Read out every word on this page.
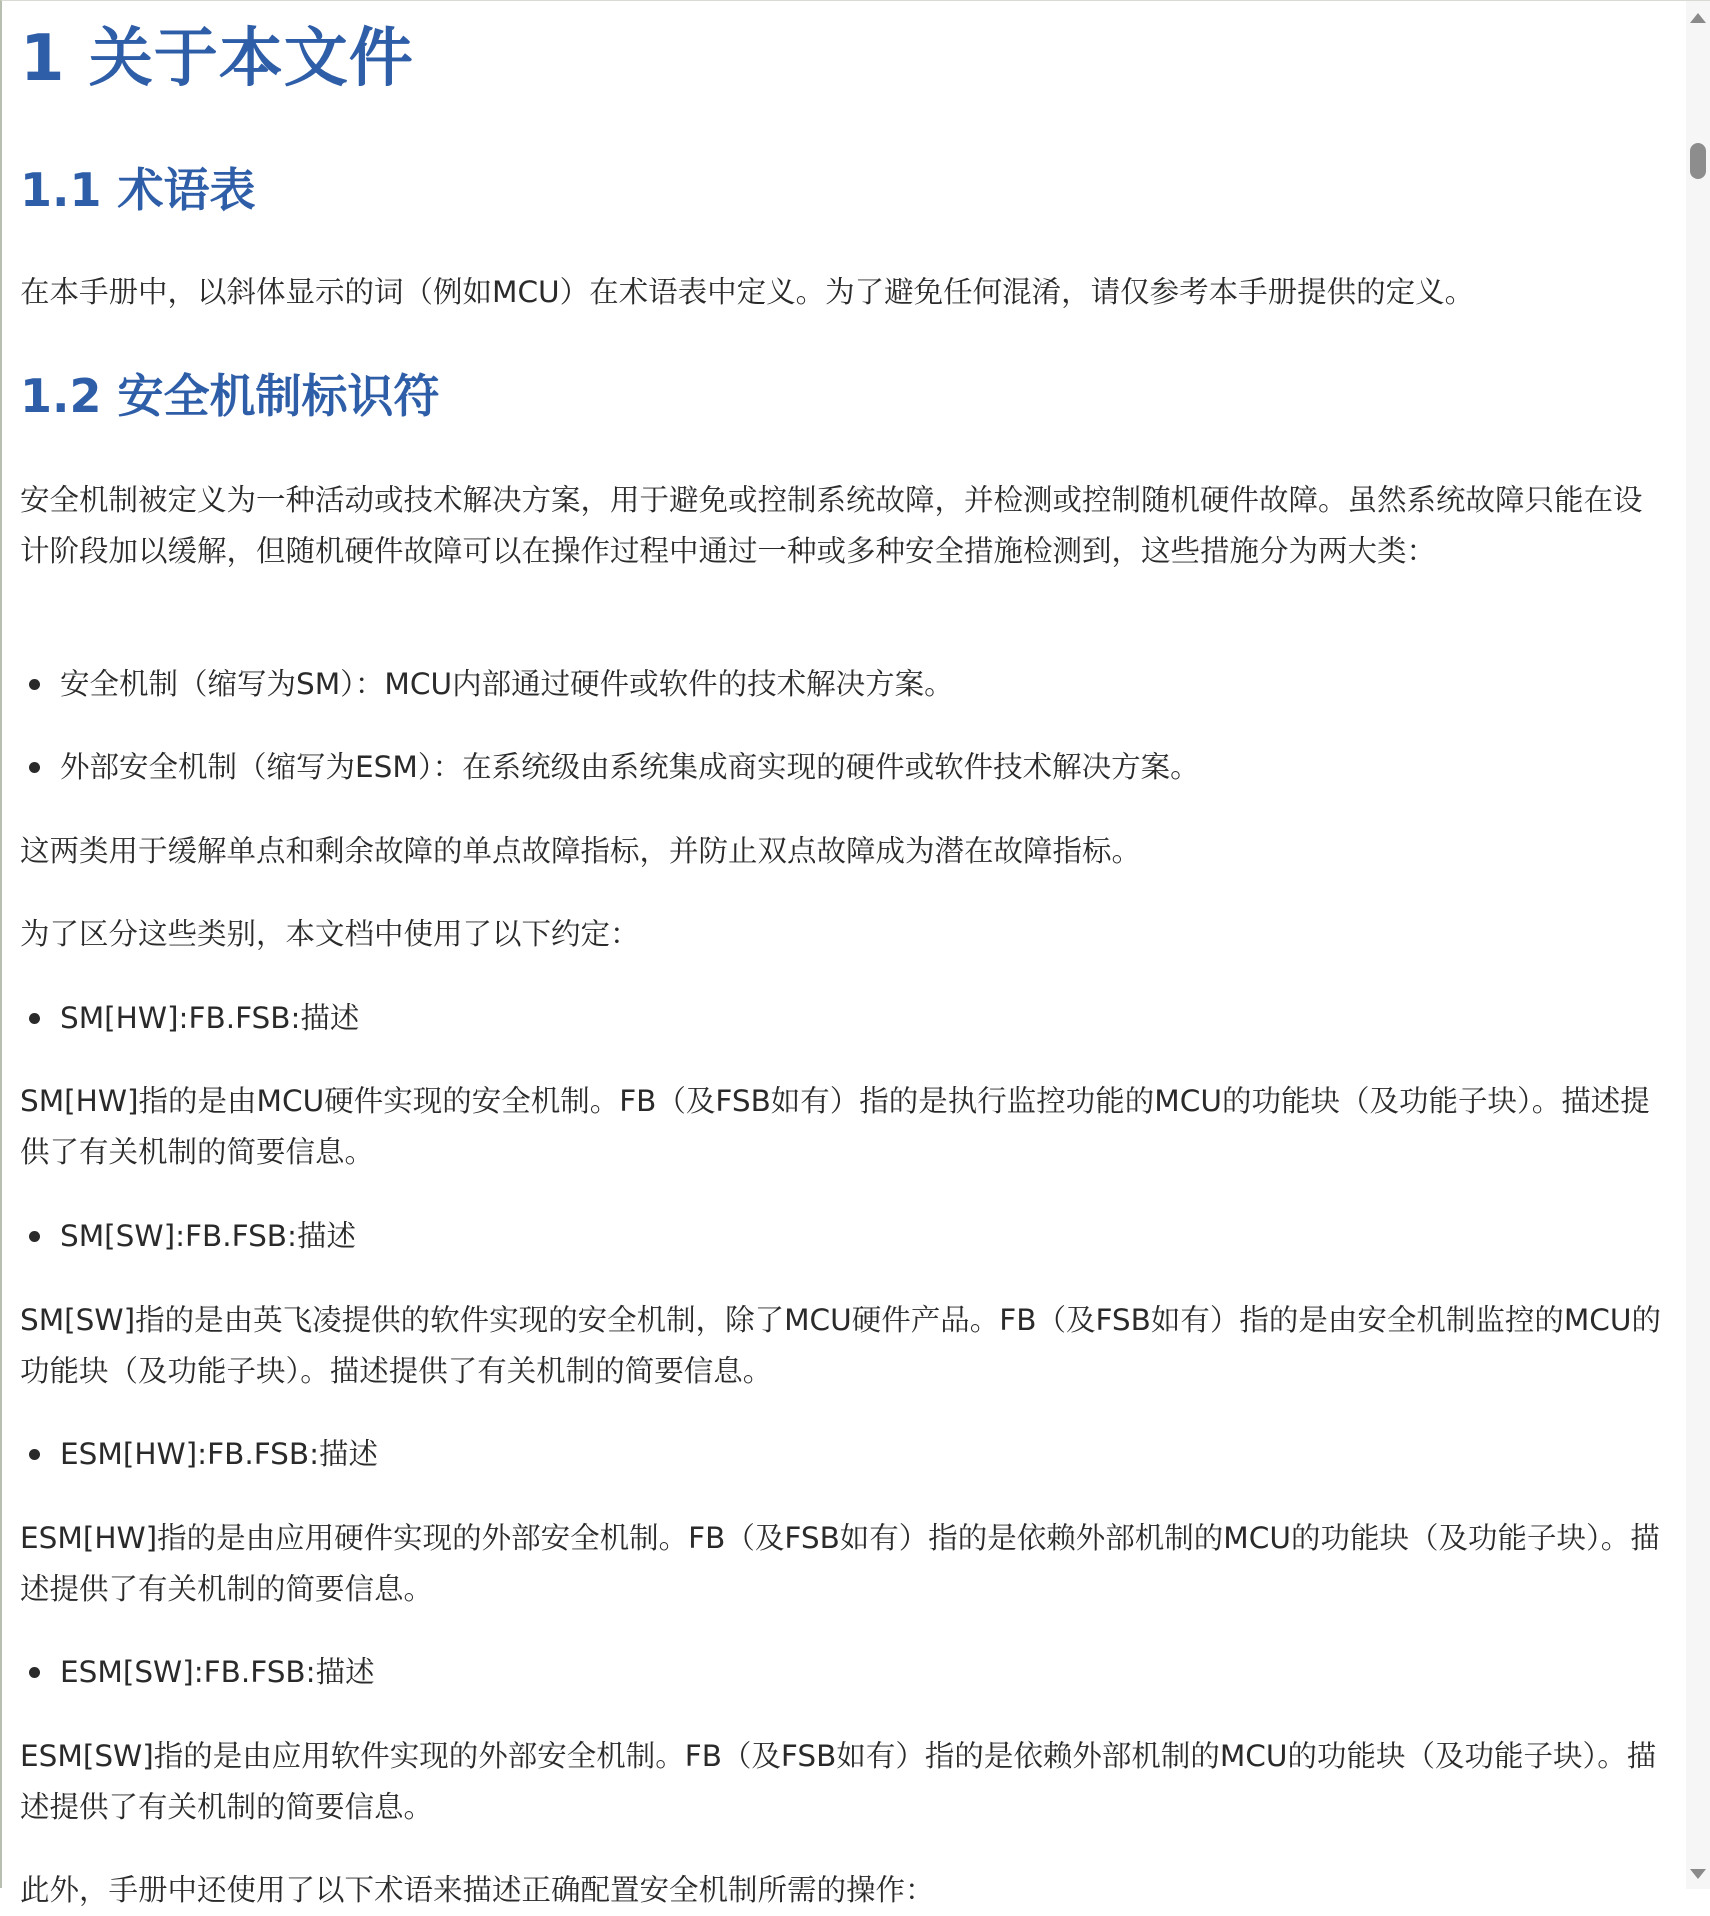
1 关于本文件
1.1 术语表

在本手册中，以斜体显示的词（例如MCU）在术语表中定义。为了避免任何混淆，请仅参考本手册提供的定义。

1.2 安全机制标识符

安全机制被定义为一种活动或技术解决方案，用于避免或控制系统故障，并检测或控制随机硬件故障。虽然系统故障只能在设计阶段加以缓解，但随机硬件故障可以在操作过程中通过一种或多种安全措施检测到，这些措施分为两大类：

安全机制（缩写为SM）：MCU内部通过硬件或软件的技术解决方案。
外部安全机制（缩写为ESM）：在系统级由系统集成商实现的硬件或软件技术解决方案。

这两类用于缓解单点和剩余故障的单点故障指标，并防止双点故障成为潜在故障指标。

为了区分这些类别，本文档中使用了以下约定：

SM[HW]:FB.FSB:描述

SM[HW]指的是由MCU硬件实现的安全机制。FB（及FSB如有）指的是执行监控功能的MCU的功能块（及功能子块）。描述提供了有关机制的简要信息。

SM[SW]:FB.FSB:描述

SM[SW]指的是由英飞凌提供的软件实现的安全机制，除了MCU硬件产品。FB（及FSB如有）指的是由安全机制监控的MCU的功能块（及功能子块）。描述提供了有关机制的简要信息。

ESM[HW]:FB.FSB:描述

ESM[HW]指的是由应用硬件实现的外部安全机制。FB（及FSB如有）指的是依赖外部机制的MCU的功能块（及功能子块）。描述提供了有关机制的简要信息。

ESM[SW]:FB.FSB:描述

ESM[SW]指的是由应用软件实现的外部安全机制。FB（及FSB如有）指的是依赖外部机制的MCU的功能块（及功能子块）。描述提供了有关机制的简要信息。

此外，手册中还使用了以下术语来描述正确配置安全机制所需的操作：
